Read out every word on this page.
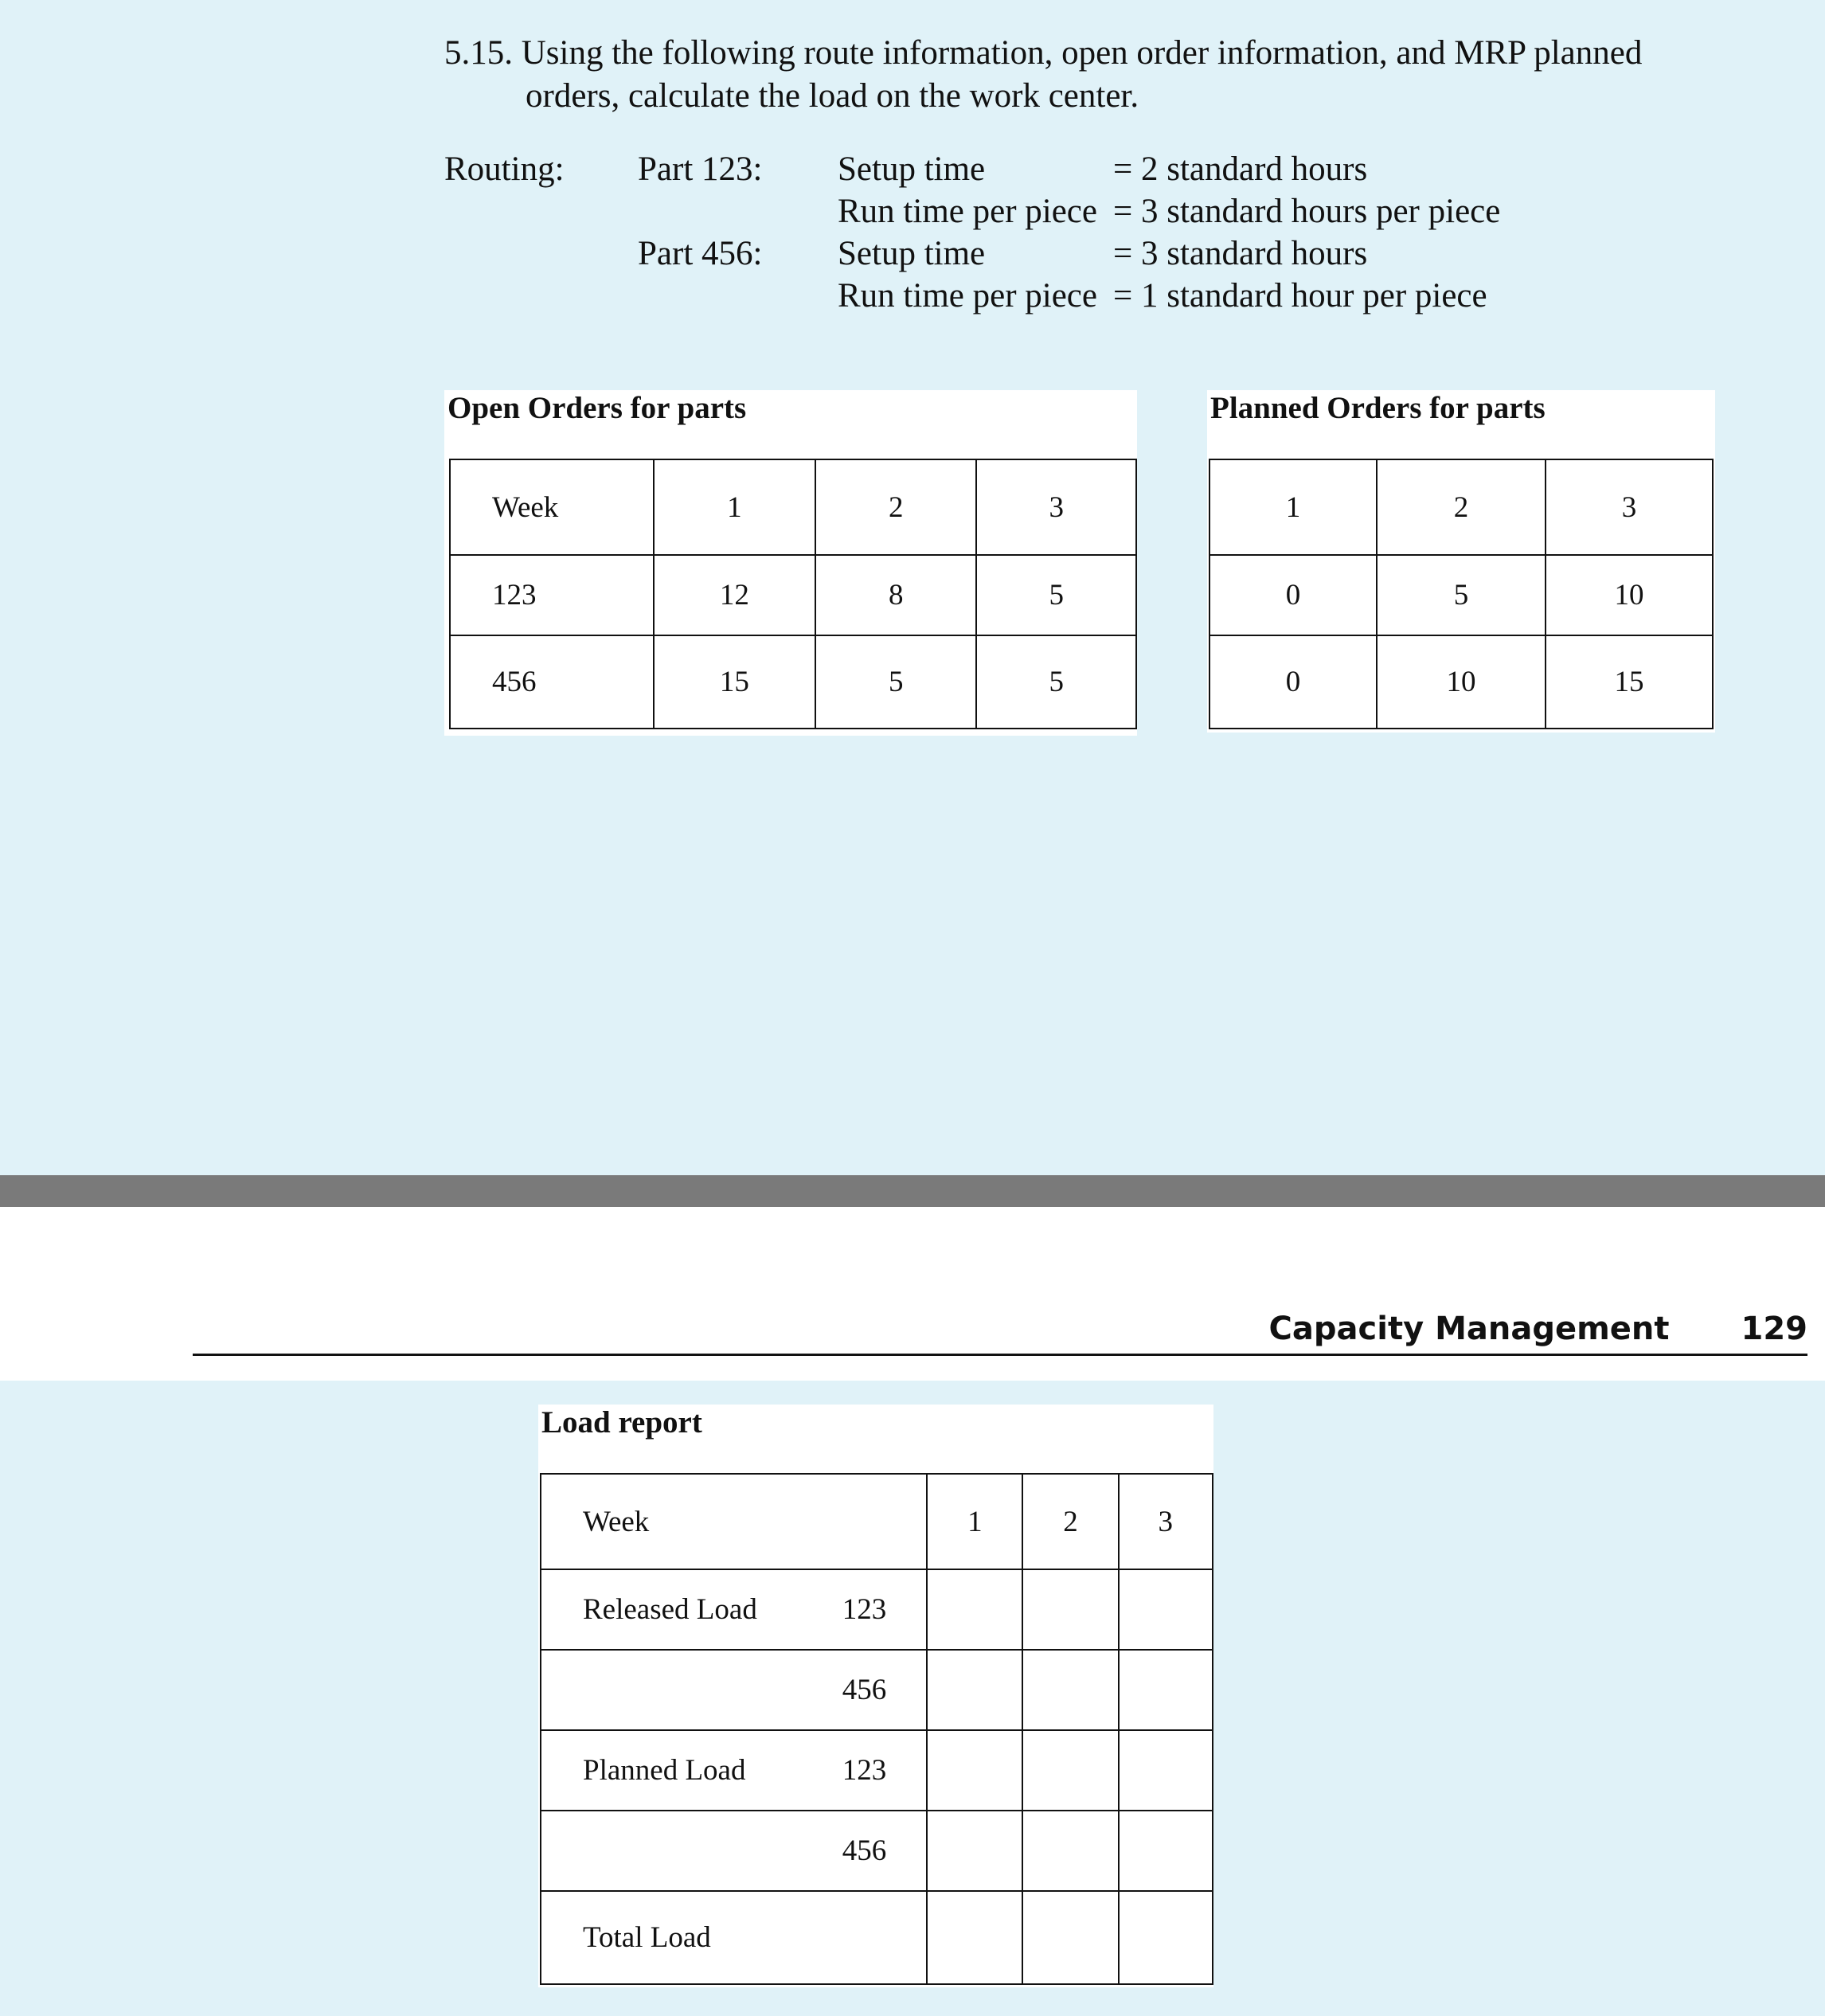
5.15. Using the following route information, open order information, and MRP planned
orders, calculate the load on the work center.
Routing: Part 123: Setup time	= 2 standard hours
Run time per piece = 3 standard hours per piece
Part 456: Setup time	= 3 standard hours
Run time per piece = 1 standard hour per piece
Open Orders for parts
Week	1	2	3
123	12	8	5
456	15	5	5
Planned Orders for parts
1	2	3
0	5	10
0	10	15
Capacity Management 129
Load report
Week		1	2	3
Released Load	123			
	456			
Planned Load	123			
	456			
Total Load				
